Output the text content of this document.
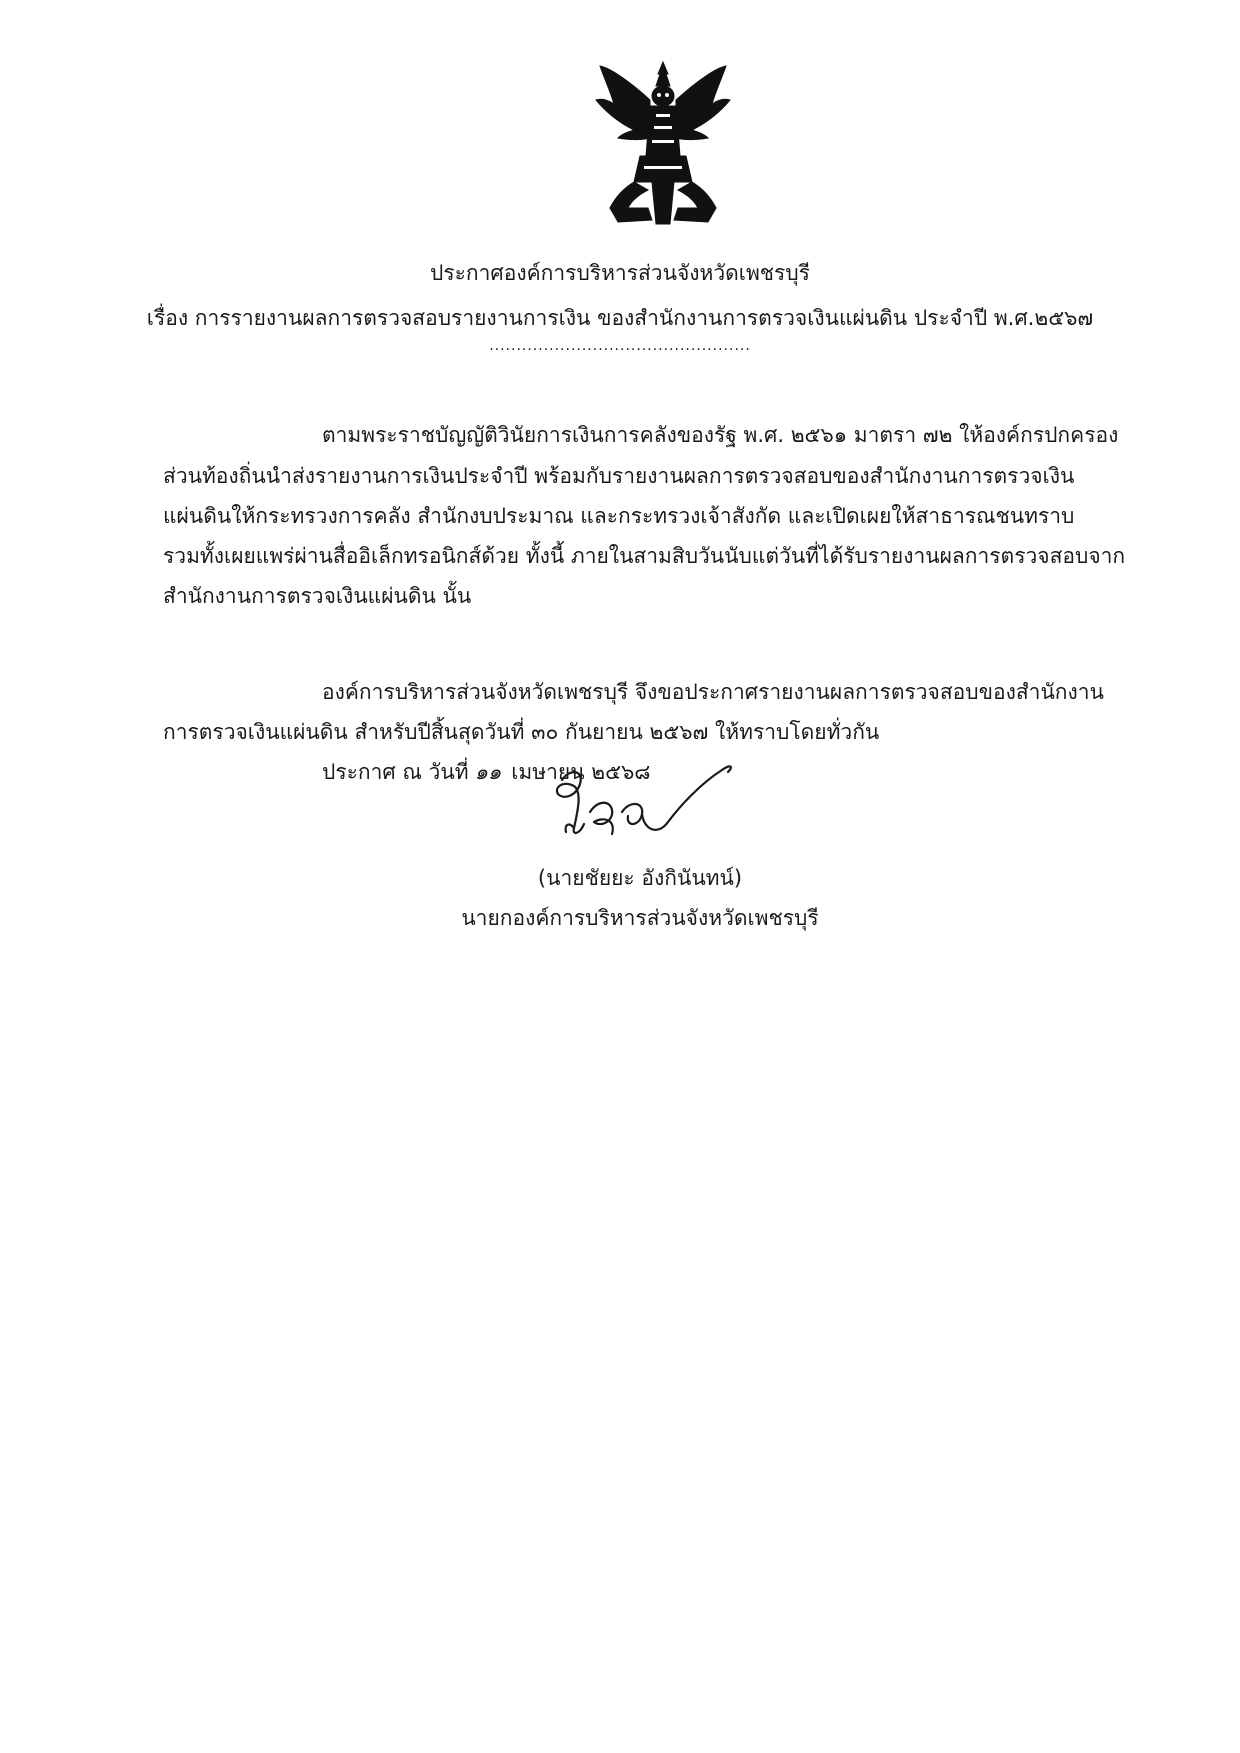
ประกาศองค์การบริหารส่วนจังหวัดเพชรบุรี
เรื่อง การรายงานผลการตรวจสอบรายงานการเงิน ของสำนักงานการตรวจเงินแผ่นดิน ประจำปี พ.ศ.๒๕๖๗
................................................
ตามพระราชบัญญัติวินัยการเงินการคลังของรัฐ พ.ศ. ๒๕๖๑ มาตรา ๗๒ ให้องค์กรปกครอง
ส่วนท้องถิ่นนำส่งรายงานการเงินประจำปี พร้อมกับรายงานผลการตรวจสอบของสำนักงานการตรวจเงิน
แผ่นดินให้กระทรวงการคลัง สำนักงบประมาณ และกระทรวงเจ้าสังกัด และเปิดเผยให้สาธารณชนทราบ
รวมทั้งเผยแพร่ผ่านสื่ออิเล็กทรอนิกส์ด้วย ทั้งนี้ ภายในสามสิบวันนับแต่วันที่ได้รับรายงานผลการตรวจสอบจาก
สำนักงานการตรวจเงินแผ่นดิน นั้น
องค์การบริหารส่วนจังหวัดเพชรบุรี จึงขอประกาศรายงานผลการตรวจสอบของสำนักงาน
การตรวจเงินแผ่นดิน สำหรับปีสิ้นสุดวันที่ ๓๐ กันยายน ๒๕๖๗ ให้ทราบโดยทั่วกัน
ประกาศ ณ วันที่ ๑๑ เมษายน ๒๕๖๘
(นายชัยยะ อังกินันทน์)
นายกองค์การบริหารส่วนจังหวัดเพชรบุรี
